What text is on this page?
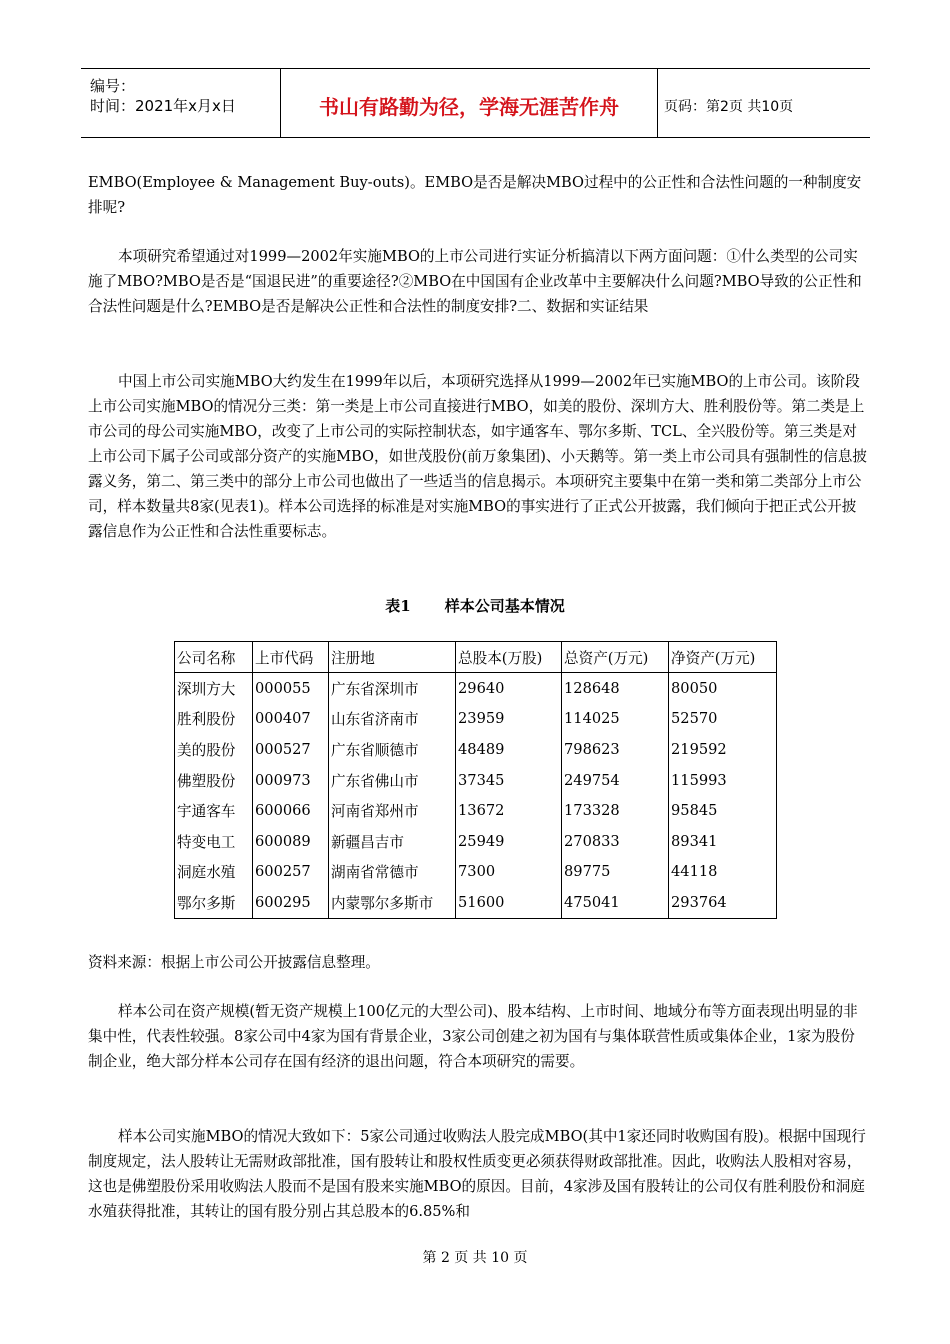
编号：
时间：2021年x月x日	书山有路勤为径，学海无涯苦作舟	页码：第2页 共10页

EMBO(Employee & Management Buy-outs)。EMBO是否是解决MBO过程中的公正性和合法性问题的一种制度安排呢?

本项研究希望通过对1999—2002年实施MBO的上市公司进行实证分析搞清以下两方面问题：①什么类型的公司实施了MBO?MBO是否是“国退民进”的重要途径?②MBO在中国国有企业改革中主要解决什么问题?MBO导致的公正性和合法性问题是什么?EMBO是否是解决公正性和合法性的制度安排?二、数据和实证结果

中国上市公司实施MBO大约发生在1999年以后，本项研究选择从1999—2002年已实施MBO的上市公司。该阶段上市公司实施MBO的情况分三类：第一类是上市公司直接进行MBO，如美的股份、深圳方大、胜利股份等。第二类是上市公司的母公司实施MBO，改变了上市公司的实际控制状态，如宇通客车、鄂尔多斯、TCL、全兴股份等。第三类是对上市公司下属子公司或部分资产的实施MBO，如世茂股份(前万象集团)、小天鹅等。第一类上市公司具有强制性的信息披露义务，第二、第三类中的部分上市公司也做出了一些适当的信息揭示。本项研究主要集中在第一类和第二类部分上市公司，样本数量共8家(见表1)。样本公司选择的标准是对实施MBO的事实进行了正式公开披露，我们倾向于把正式公开披露信息作为公正性和合法性重要标志。

表1 样本公司基本情况
公司名称	上市代码	注册地	总股本(万股)	总资产(万元)	净资产(万元)
深圳方大	000055	广东省深圳市	29640	128648	80050
胜利股份	000407	山东省济南市	23959	114025	52570
美的股份	000527	广东省顺德市	48489	798623	219592
佛塑股份	000973	广东省佛山市	37345	249754	115993
宇通客车	600066	河南省郑州市	13672	173328	95845
特变电工	600089	新疆昌吉市	25949	270833	89341
洞庭水殖	600257	湖南省常德市	7300	89775	44118
鄂尔多斯	600295	内蒙鄂尔多斯市	51600	475041	293764

资料来源：根据上市公司公开披露信息整理。

样本公司在资产规模(暂无资产规模上100亿元的大型公司)、股本结构、上市时间、地域分布等方面表现出明显的非集中性，代表性较强。8家公司中4家为国有背景企业，3家公司创建之初为国有与集体联营性质或集体企业，1家为股份制企业，绝大部分样本公司存在国有经济的退出问题，符合本项研究的需要。

样本公司实施MBO的情况大致如下：5家公司通过收购法人股完成MBO(其中1家还同时收购国有股)。根据中国现行制度规定，法人股转让无需财政部批准，国有股转让和股权性质变更必须获得财政部批准。因此，收购法人股相对容易，这也是佛塑股份采用收购法人股而不是国有股来实施MBO的原因。目前，4家涉及国有股转让的公司仅有胜利股份和洞庭水殖获得批准，其转让的国有股分别占其总股本的6.85%和

第 2 页 共 10 页
